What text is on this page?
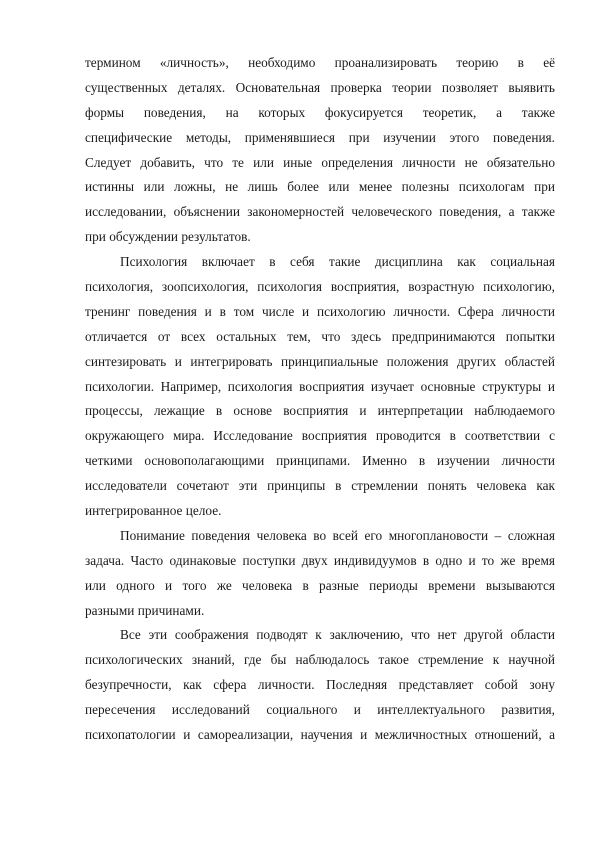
термином «личность», необходимо проанализировать теорию в её
существенных деталях. Основательная проверка теории позволяет выявить
формы поведения, на которых фокусируется теоретик, а также
специфические методы, применявшиеся при изучении этого поведения.
Следует добавить, что те или иные определения личности не обязательно
истинны или ложны, не лишь более или менее полезны психологам при
исследовании, объяснении закономерностей человеческого поведения, а также
при обсуждении результатов.
Психология включает в себя такие дисциплина как социальная
психология, зоопсихология, психология восприятия, возрастную психологию,
тренинг поведения и в том числе и психологию личности. Сфера личности
отличается от всех остальных тем, что здесь предпринимаются попытки
синтезировать и интегрировать принципиальные положения других областей
психологии. Например, психология восприятия изучает основные структуры и
процессы, лежащие в основе восприятия и интерпретации наблюдаемого
окружающего мира. Исследование восприятия проводится в соответствии с
четкими основополагающими принципами. Именно в изучении личности
исследователи сочетают эти принципы в стремлении понять человека как
интегрированное целое.
Понимание поведения человека во всей его многоплановости – сложная
задача. Часто одинаковые поступки двух индивидуумов в одно и то же время
или одного и того же человека в разные периоды времени вызываются
разными причинами.
Все эти соображения подводят к заключению, что нет другой области
психологических знаний, где бы наблюдалось такое стремление к научной
безупречности, как сфера личности. Последняя представляет собой зону
пересечения исследований социального и интеллектуального развития,
психопатологии и самореализации, научения и межличностных отношений, а
